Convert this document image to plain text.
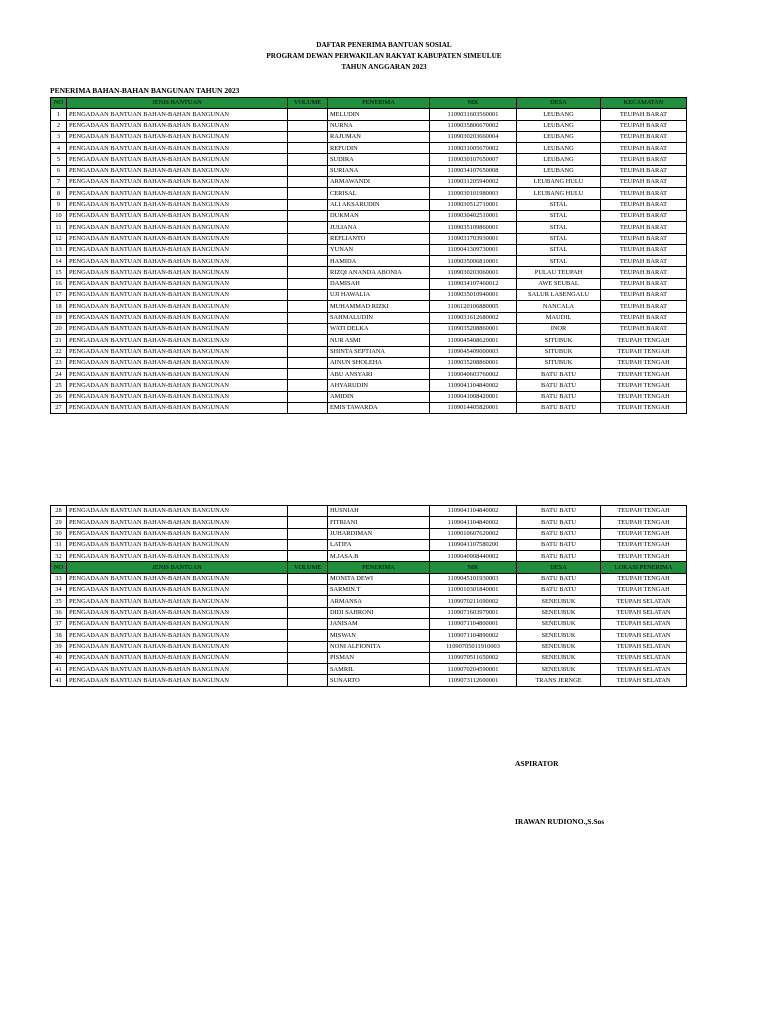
DAFTAR PENERIMA BANTUAN SOSIAL
PROGRAM DEWAN PERWAKILAN RAKYAT KABUPATEN SIMEULUE
TAHUN ANGGARAN 2023
PENERIMA BAHAN-BAHAN BANGUNAN TAHUN 2023
NO	JENIS BANTUAN	VOLUME	PENERIMA	NIK	DESA	KECAMATAN
1	PENGADAAN BANTUAN BAHAN-BAHAN BANGUNAN		MELUDIN	1109031603560001	LEUBANG	TEUPAH BARAT
2	PENGADAAN BANTUAN BAHAN-BAHAN BANGUNAN		NURNA	1109035806670002	LEUBANG	TEUPAH BARAT
3	PENGADAAN BANTUAN BAHAN-BAHAN BANGUNAN		RAJUMAN	1109030203660004	LEUBANG	TEUPAH BARAT
4	PENGADAAN BANTUAN BAHAN-BAHAN BANGUNAN		REFUDIN	1109031005670002	LEUBANG	TEUPAH BARAT
5	PENGADAAN BANTUAN BAHAN-BAHAN BANGUNAN		SUDIRA	1109030107650007	LEUBANG	TEUPAH BARAT
6	PENGADAAN BANTUAN BAHAN-BAHAN BANGUNAN		SURIANA	1109034107650008	LEUBANG	TEUPAH BARAT
7	PENGADAAN BANTUAN BAHAN-BAHAN BANGUNAN		ARMAWANDI	1109031205940002	LEUBANG HULU	TEUPAH BARAT
8	PENGADAAN BANTUAN BAHAN-BAHAN BANGUNAN		CERISAL	1109030101980003	LEUBANG HULU	TEUPAH BARAT
9	PENGADAAN BANTUAN BAHAN-BAHAN BANGUNAN		ALI AKSARUDIN	1109030512710001	SITAL	TEUPAH BARAT
10	PENGADAAN BANTUAN BAHAN-BAHAN BANGUNAN		DUKMAN	1109030402510001	SITAL	TEUPAH BARAT
11	PENGADAAN BANTUAN BAHAN-BAHAN BANGUNAN		JULIANA	1109035109860001	SITAL	TEUPAH BARAT
12	PENGADAAN BANTUAN BAHAN-BAHAN BANGUNAN		REFLIANTO	1109031703930001	SITAL	TEUPAH BARAT
13	PENGADAAN BANTUAN BAHAN-BAHAN BANGUNAN		YUNAN	1109041309730001	SITAL	TEUPAH BARAT
14	PENGADAAN BANTUAN BAHAN-BAHAN BANGUNAN		HAMIDA	1109035006810001	SITAL	TEUPAH BARAT
15	PENGADAAN BANTUAN BAHAN-BAHAN BANGUNAN		RIZQI ANANDA ABONIA	1109030203060001	PULAU TEUPAH	TEUPAH BARAT
16	PENGADAAN BANTUAN BAHAN-BAHAN BANGUNAN		DAMISAH	1109034107460012	AWE SEUBAL	TEUPAH BARAT
17	PENGADAAN BANTUAN BAHAN-BAHAN BANGUNAN		UJI HAWALIA	1109035010940001	SALUR LASENGALU	TEUPAH BARAT
18	PENGADAAN BANTUAN BAHAN-BAHAN BANGUNAN		MUHAMMAD RIZKI	1106120106880005	NANCALA	TEUPAH BARAT
19	PENGADAAN BANTUAN BAHAN-BAHAN BANGUNAN		SAHMALUDIN	1109031612680002	MAUDIL	TEUPAH BARAT
20	PENGADAAN BANTUAN BAHAN-BAHAN BANGUNAN		WATI DELKA	1109035208860001	INOR	TEUPAH BARAT
21	PENGADAAN BANTUAN BAHAN-BAHAN BANGUNAN		NUR ASMI	1109045408620001	SITUBUK	TEUPAH TENGAH
22	PENGADAAN BANTUAN BAHAN-BAHAN BANGUNAN		SHINTA SEPTIANA	1109045409000003	SITUBUK	TEUPAH TENGAH
23	PENGADAAN BANTUAN BAHAN-BAHAN BANGUNAN		AINUN SHOLEHA	1109035208860001	SITUBUK	TEUPAH TENGAH
24	PENGADAAN BANTUAN BAHAN-BAHAN BANGUNAN		ABU ANSYARI	1109040603760002	BATU BATU	TEUPAH TENGAH
25	PENGADAAN BANTUAN BAHAN-BAHAN BANGUNAN		AHYARUDIN	1109041104840002	BATU BATU	TEUPAH TENGAH
26	PENGADAAN BANTUAN BAHAN-BAHAN BANGUNAN		AMIDIN	1109041008420001	BATU BATU	TEUPAH TENGAH
27	PENGADAAN BANTUAN BAHAN-BAHAN BANGUNAN		EMIS TAWARDA	1109014405820001	BATU BATU	TEUPAH TENGAH
28	PENGADAAN BANTUAN BAHAN-BAHAN BANGUNAN		HUSNIAH	1109041104840002	BATU BATU	TEUPAH TENGAH
29	PENGADAAN BANTUAN BAHAN-BAHAN BANGUNAN		FITRIANI	1109041104840002	BATU BATU	TEUPAH TENGAH
30	PENGADAAN BANTUAN BAHAN-BAHAN BANGUNAN		JUHARDIMAN	1109010607620002	BATU BATU	TEUPAH TENGAH
31	PENGADAAN BANTUAN BAHAN-BAHAN BANGUNAN		LATIFA	1109041107580200	BATU BATU	TEUPAH TENGAH
32	PENGADAAN BANTUAN BAHAN-BAHAN BANGUNAN		M.JASA.B	1109040908440002	BATU BATU	TEUPAH TENGAH
NO	JENIS BANTUAN	VOLUME	PENERIMA	NIK	DESA	LOKASI PENERIMA
33	PENGADAAN BANTUAN BAHAN-BAHAN BANGUNAN		MONITA DEWI	1109045101930003	BATU BATU	TEUPAH TENGAH
34	PENGADAAN BANTUAN BAHAN-BAHAN BANGUNAN		SARMIN.T	1109010301840001	BATU BATU	TEUPAH TENGAH
35	PENGADAAN BANTUAN BAHAN-BAHAN BANGUNAN		ARMANSA	1109070211690002	SENEUBUK	TEUPAH SELATAN
36	PENGADAAN BANTUAN BAHAN-BAHAN BANGUNAN		DIDI SAHRONI	1109071603970001	SENEUBUK	TEUPAH SELATAN
37	PENGADAAN BANTUAN BAHAN-BAHAN BANGUNAN		JANISAM	1109071104800001	SENEUBUK	TEUPAH SELATAN
38	PENGADAAN BANTUAN BAHAN-BAHAN BANGUNAN		MISWAN	1109071104890002	SENEUBUK	TEUPAH SELATAN
39	PENGADAAN BANTUAN BAHAN-BAHAN BANGUNAN		NONI ALFIONITA	11090705011910003	SENEUBUK	TEUPAH SELATAN
40	PENGADAAN BANTUAN BAHAN-BAHAN BANGUNAN		PISMAN	1109070511650002	SENEUBUK	TEUPAH SELATAN
41	PENGADAAN BANTUAN BAHAN-BAHAN BANGUNAN		SAMRIL	1109070204590001	SENEUBUK	TEUPAH SELATAN
41	PENGADAAN BANTUAN BAHAN-BAHAN BANGUNAN		SUNARTO	1109073112600001	TRANS JERNGE	TEUPAH SELATAN
ASPIRATOR
IRAWAN RUDIONO.,S.Sos
